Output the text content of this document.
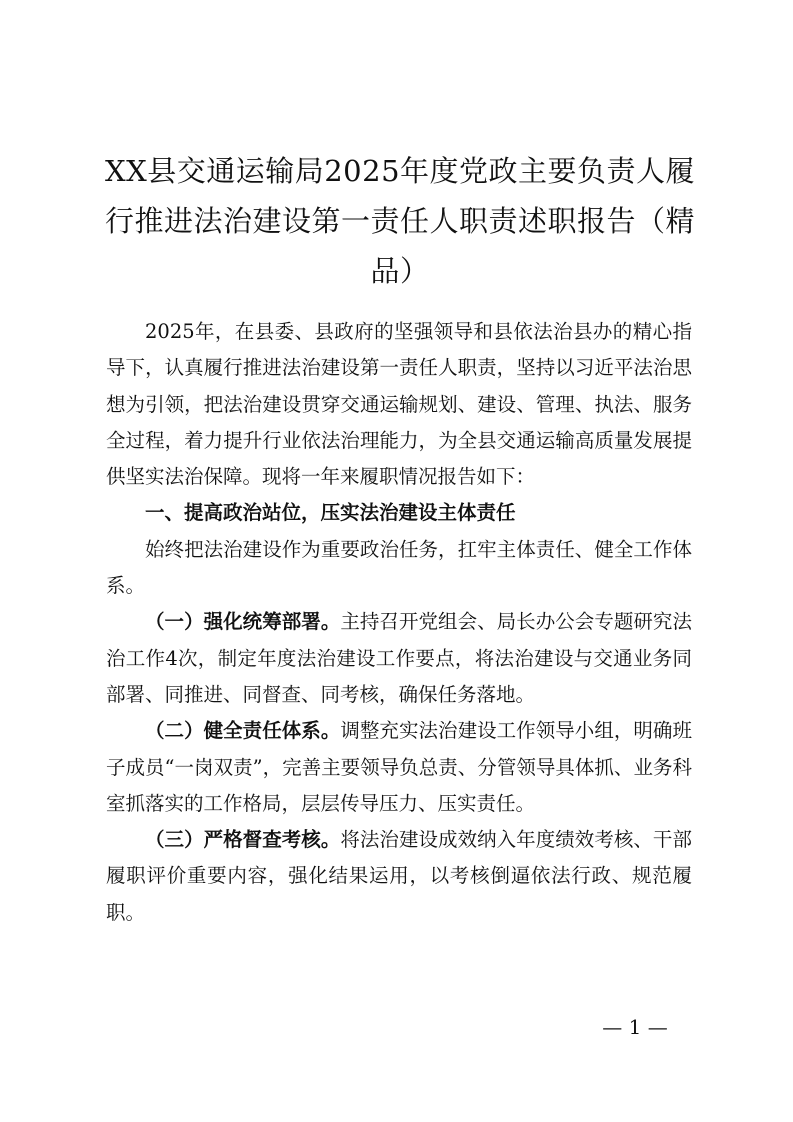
XX县交通运输局2025年度党政主要负责人履行推进法治建设第一责任人职责述职报告（精品）

2025年，在县委、县政府的坚强领导和县依法治县办的精心指导下，认真履行推进法治建设第一责任人职责，坚持以习近平法治思想为引领，把法治建设贯穿交通运输规划、建设、管理、执法、服务全过程，着力提升行业依法治理能力，为全县交通运输高质量发展提供坚实法治保障。现将一年来履职情况报告如下：

一、提高政治站位，压实法治建设主体责任

始终把法治建设作为重要政治任务，扛牢主体责任、健全工作体系。

（一）强化统筹部署。主持召开党组会、局长办公会专题研究法治工作4次，制定年度法治建设工作要点，将法治建设与交通业务同部署、同推进、同督查、同考核，确保任务落地。

（二）健全责任体系。调整充实法治建设工作领导小组，明确班子成员“一岗双责”，完善主要领导负总责、分管领导具体抓、业务科室抓落实的工作格局，层层传导压力、压实责任。

（三）严格督查考核。将法治建设成效纳入年度绩效考核、干部履职评价重要内容，强化结果运用，以考核倒逼依法行政、规范履职。

— 1 —
